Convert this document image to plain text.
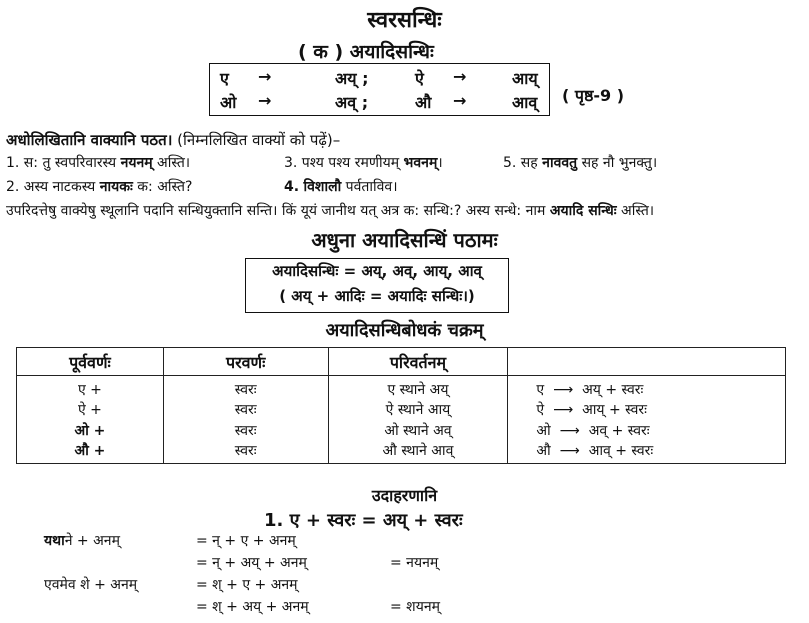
स्वरसन्धिः
( क ) अयादिसन्धिः
ए →	अय् ;	ऐ →	आय्
ओ →	अव् ;	औ →	आव् ( पृष्ठ-9 )
अधोलिखितानि वाक्यानि पठत। (निम्नलिखित वाक्यों को पढ़ें)–
1. स: तु स्वपरिवारस्य नयनम् अस्ति।	3. पश्य पश्य रमणीयम् भवनम्।	5. सह नाववतु सह नौ भुनक्तु।
2. अस्य नाटकस्य नायकः क: अस्ति?	4. विशालौ पर्वताविव।
उपरिदत्तेषु वाक्येषु स्थूलानि पदानि सन्धियुक्तानि सन्ति। किं यूयं जानीथ यत् अत्र क: सन्धि:? अस्य सन्धे: नाम अयादि सन्धिः अस्ति।
अधुना अयादिसन्धिं पठामः
अयादिसन्धिः = अय्, अव्, आय्, आव्
( अय् + आदिः = अयादिः सन्धिः।)
अयादिसन्धिबोधकं चक्रम्
पूर्ववर्णः	परवर्णः	परिवर्तनम्	
ए +	स्वरः	ए स्थाने अय्	ए ⟶ अय् + स्वरः
ऐ +	स्वरः	ऐ स्थाने आय्	ऐ ⟶ आय् + स्वरः
ओ +	स्वरः	ओ स्थाने अव्	ओ ⟶ अव् + स्वरः
औ +	स्वरः	औ स्थाने आव्	औ ⟶ आव् + स्वरः
उदाहरणानि
1. ए + स्वरः = अय् + स्वरः
यथा ने + अनम्	= न् + ए + अनम्
= न् + अय् + अनम्	= नयनम्
एवमेव शे + अनम्	= श् + ए + अनम्
= श् + अय् + अनम्	= शयनम्
